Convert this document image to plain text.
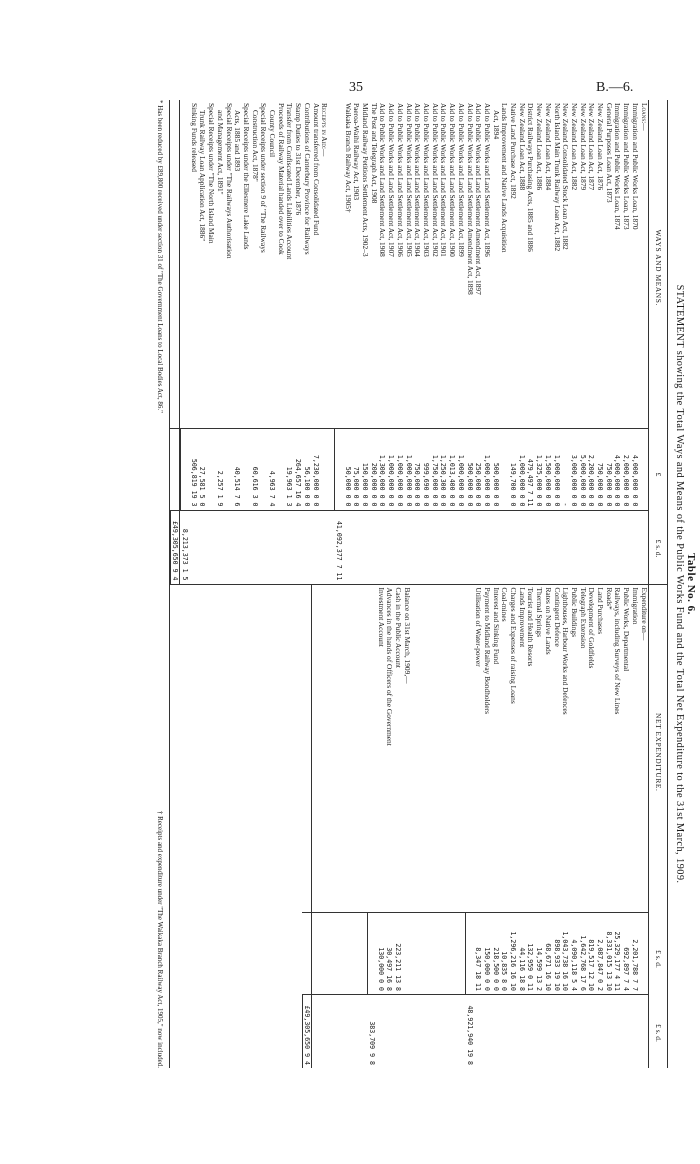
35	B.—6.
Table No. 6.
STATEMENT showing the Total Ways and Means of the Public Works Fund and the Total Net Expenditure to the 31st March, 1909.
WAYS AND MEANS.
£
£ s. d.
Loans:—
Immigration and Public Works Loan, 1870
4,000,000 0 0
Immigration and Public Works Loan, 1873
2,000,000 0 0
Immigration and Public Works Loan, 1874
4,000,000 0 0
General Purposes Loan Act, 1873
750,000 0 0
New Zealand Loan Act, 1876
750,000 0 0
New Zealand Loan Act, 1877
2,200,000 0 0
New Zealand Loan Act, 1879
5,000,000 0 0
New Zealand Loan Act, 1882
3,000,000 0 0
New Zealand Consolidated Stock Loan Act, 1882
-
North Island Main Trunk Railway Loan Act, 1882
1,000,000 0 0
New Zealand Loan Act, 1884
1,500,000 0 0
New Zealand Loan Act, 1886
1,325,000 0 0
District Railways Purchasing Acts, 1885 and 1886
479,497 7 11
New Zealand Loan Act, 1888
1,000,000 0 0
Native Land Purchase Act, 1892
149,700 0 0
Lands Improvement and Native Lands Acquisition
Act, 1894
500,000 0 0
Aid to Public Works and Land Settlement Act, 1896
1,000,000 0 0
Aid to Public Works and Land Settlement Amendment Act, 1897
250,000 0 0
Aid to Public Works and Land Settlement Amendment Act, 1898
500,000 0 0
Aid to Public Works and Land Settlement Act, 1899
1,000,000 0 0
Aid to Public Works and Land Settlement Act, 1900
1,013,400 0 0
Aid to Public Works and Land Settlement Act, 1901
1,250,300 0 0
Aid to Public Works and Land Settlement Act, 1902
1,750,000 0 0
Aid to Public Works and Land Settlement Act, 1903
999,690 0 0
Aid to Public Works and Land Settlement Act, 1904
750,000 0 0
Aid to Public Works and Land Settlement Act, 1905
1,000,000 0 0
Aid to Public Works and Land Settlement Act, 1906
1,000,000 0 0
Aid to Public Works and Land Settlement Act, 1907
1,000,000 0 0
Aid to Public Works and Land Settlement Act, 1908
1,300,000 0 0
The Post and Telegraph Act, 1908
200,000 0 0
Midland Railway Petitions Settlement Acts, 1902–3
150,000 0 0
Paeroa-Waihi Railway Act, 1903
75,000 0 0
Waikaka Branch Railway Act, 1905†
50,000 0 0
41,092,377 7 11
Receipts in Aid:—
Amount transferred from Consolidated Fund
7,230,000 0 0
Contributions of Canterbury Province for Railways
56,100 0 0
Stamp Duties to 31st December, 1876
264,657 16 4
Transfer from Confiscated Lands Liabilities Account
19,963 1 3
Proceeds of Railway Material handed over to Cook
County Council
4,963 7 4
Special Receipts under section 9 of "The Railways
Construction Act, 1878"
60,616 3 0
Special Receipts under the Ellesmere Lake Lands
Acts, 1885 and 1893
40,514 7 6
Special Receipts under "The Railways Authorisation
and Management Act, 1891"
2,257 1 9
Special Receipts under "The North Island Main
Trunk Railway Loan Application Act, 1886"
27,581 5 0
Sinking Funds released
506,819 19 3
8,213,373 1 5
£49,305,650 9 4
NET EXPENDITURE.
£ s. d.
£ s. d.
Expenditure on—
Immigration
2,201,788 7 7
Public Works, Departmental
692,897 7 4
Railways, including Surveys of New Lines
25,329,177 4 11
Roads*
8,331,015 13 10
Land Purchases
2,087,847 0 2
Development of Goldfields
819,517 12 10
Telegraph Extension
1,642,768 17 6
Public Buildings
4,090,118 5 4
Lighthouses, Harbour Works and Defences
1,043,738 16 10
Contingent Defence
898,933 19 10
Rates on Native Lands
68,671 16 10
Thermal Springs
14,599 13 2
Tourist and Health Resorts
132,959 0 11
Lands Improvement
44,116 18 8
Charges and Expenses of raising Loans
1,296,216 16 10
Coal-mines
10,835 8 0
Interest and Sinking Fund
218,500 0 0
Payment to Midland Railway Bondholders
150,000 0 0
Utilisation of Water-power
8,347 18 11
48,921,940 19 8
Balance on 31st March, 1909,—
Cash in the Public Account
223,211 13 8
Advances in the hands of Officers of the Government
30,497 16 8
Investment Account
130,000 0 0
383,709 9 8
£49,305,650 9 4
* Has been reduced by £89,800 received under section 31 of "The Government Loans to Local Bodies Act, 86."
† Receipts and expenditure under "The Waikaka Branch Railway Act, 1905," now included.
